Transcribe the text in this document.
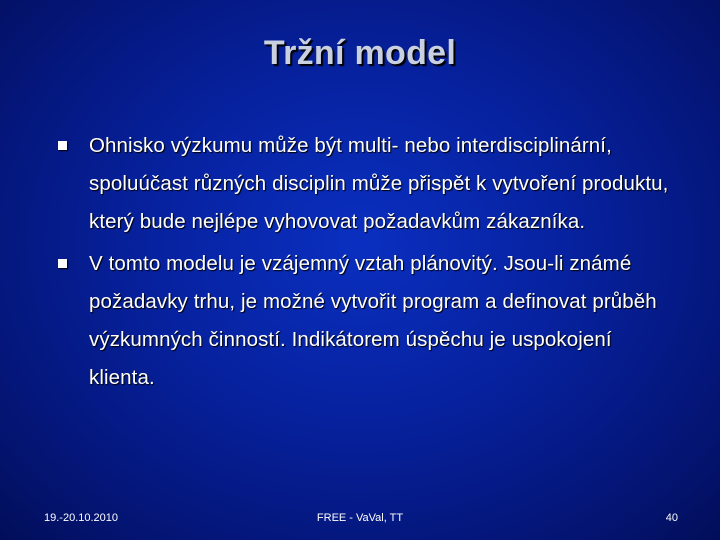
Tržní model
Ohnisko výzkumu může být multi- nebo interdisciplinární, spoluúčast různých disciplin může přispět k vytvoření produktu, který bude nejlépe vyhovovat požadavkům zákazníka.
V tomto modelu je vzájemný vztah plánovitý. Jsou-li známé požadavky trhu, je možné vytvořit program a definovat průběh výzkumných činností. Indikátorem úspěchu je uspokojení klienta.
19.-20.10.2010	FREE - VaVal, TT	40
